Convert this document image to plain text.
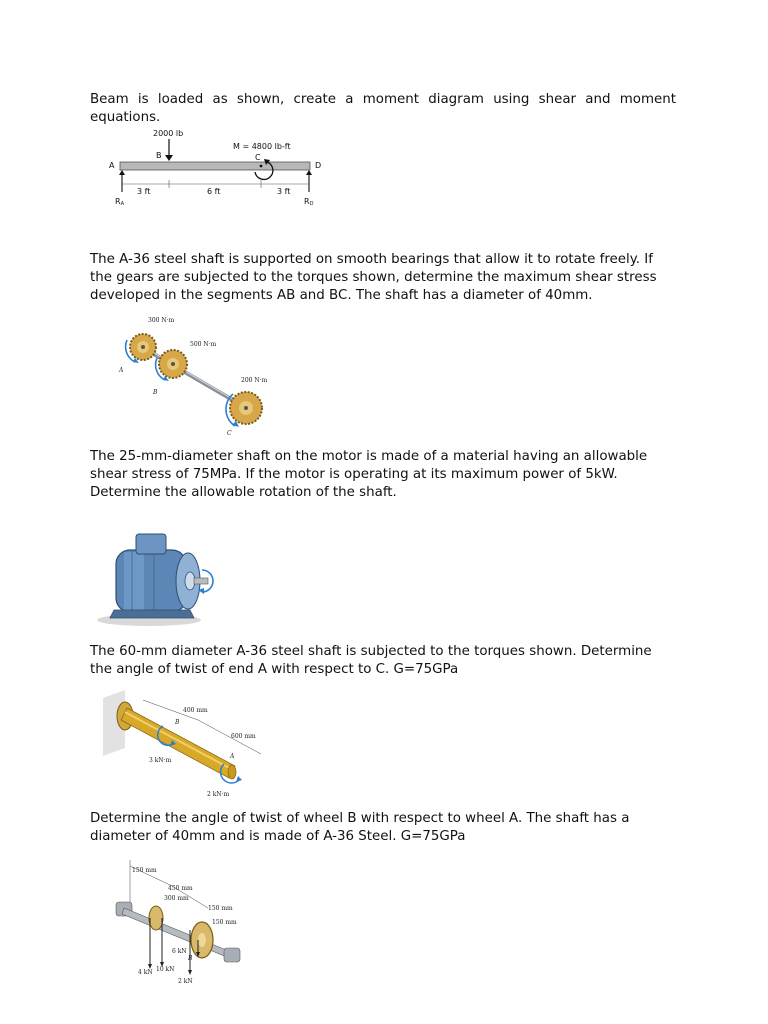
Beam is loaded as shown, create a moment diagram using shear and moment equations.

2000 lb
M = 4800 lb-ft
B	C
A	D
3 ft	6 ft	3 ft
RA	RD

The A-36 steel shaft is supported on smooth bearings that allow it to rotate freely. If the gears are subjected to the torques shown, determine the maximum shear stress developed in the segments AB and BC. The shaft has a diameter of 40mm.

300 N·m
500 N·m
200 N·m
A
B
C

The 25-mm-diameter shaft on the motor is made of a material having an allowable shear stress of 75MPa. If the motor is operating at its maximum power of 5kW. Determine the allowable rotation of the shaft.

The 60-mm diameter A-36 steel shaft is subjected to the torques shown. Determine the angle of twist of end A with respect to C. G=75GPa

400 mm
600 mm
B
A
3 kN·m
2 kN·m

Determine the angle of twist of wheel B with respect to wheel A. The shaft has a diameter of 40mm and is made of A-36 Steel. G=75GPa

150 mm
450 mm
300 mm
150 mm
150 mm
6 kN
B
4 kN 10 kN
2 kN
